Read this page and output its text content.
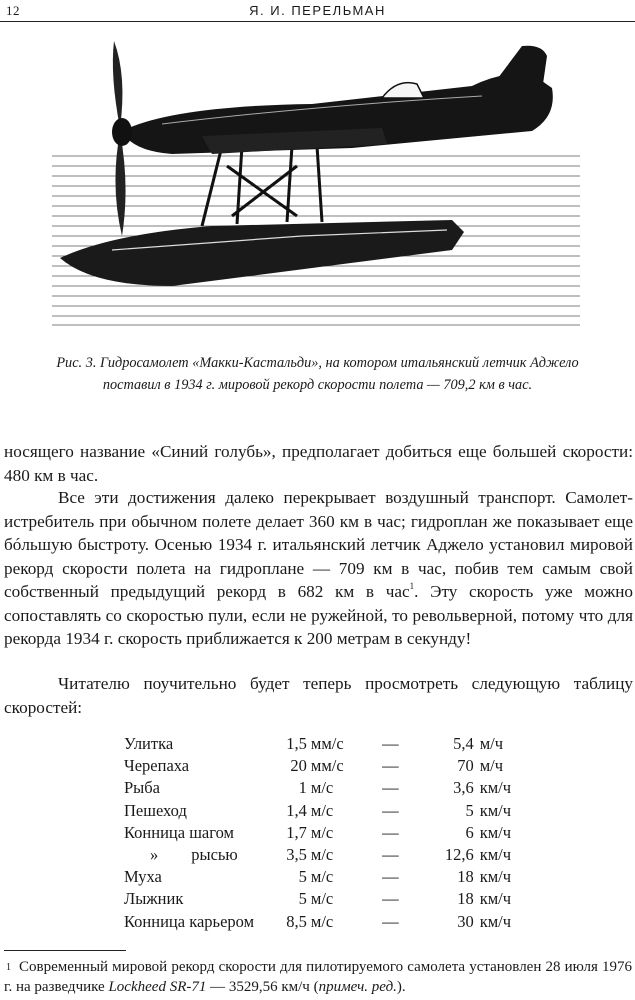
12	Я. И. ПЕРЕЛЬМАН
Рис. 3. Гидросамолет «Макки-Кастальди», на котором итальянский летчик Аджело поставил в 1934 г. мировой рекорд скорости полета — 709,2 км в час.

носящего название «Синий голубь», предполагает добиться еще большей скорости: 480 км в час.

Все эти достижения далеко перекрывает воздушный транспорт. Самолет-истребитель при обычном полете делает 360 км в час; гидроплан же показывает еще бóльшую быстроту. Осенью 1934 г. итальянский летчик Аджело установил мировой рекорд скорости полета на гидроплане — 709 км в час, побив тем самым свой собственный предыдущий рекорд в 682 км в час$^1$. Эту скорость уже можно сопоставлять со скоростью пули, если не ружейной, то револьверной, потому что для рекорда 1934 г. скорость приближается к 200 метрам в секунду!

Читателю поучительно будет теперь просмотреть следующую таблицу скоростей:

Улитка	1,5	мм/с	—	5,4	м/ч
Черепаха	20	мм/с	—	70	м/ч
Рыба	1	м/с	—	3,6	км/ч
Пешеход	1,4	м/с	—	5	км/ч
Конница шагом	1,7	м/с	—	6	км/ч
»        рысью	3,5	м/с	—	12,6	км/ч
Муха	5	м/с	—	18	км/ч
Лыжник	5	м/с	—	18	км/ч
Конница карьером	8,5	м/с	—	30	км/ч
$^1$ Современный мировой рекорд скорости для пилотируемого самолета установлен 28 июля 1976 г. на разведчике Lockheed SR-71 — 3529,56 км/ч (примеч. ред.).
